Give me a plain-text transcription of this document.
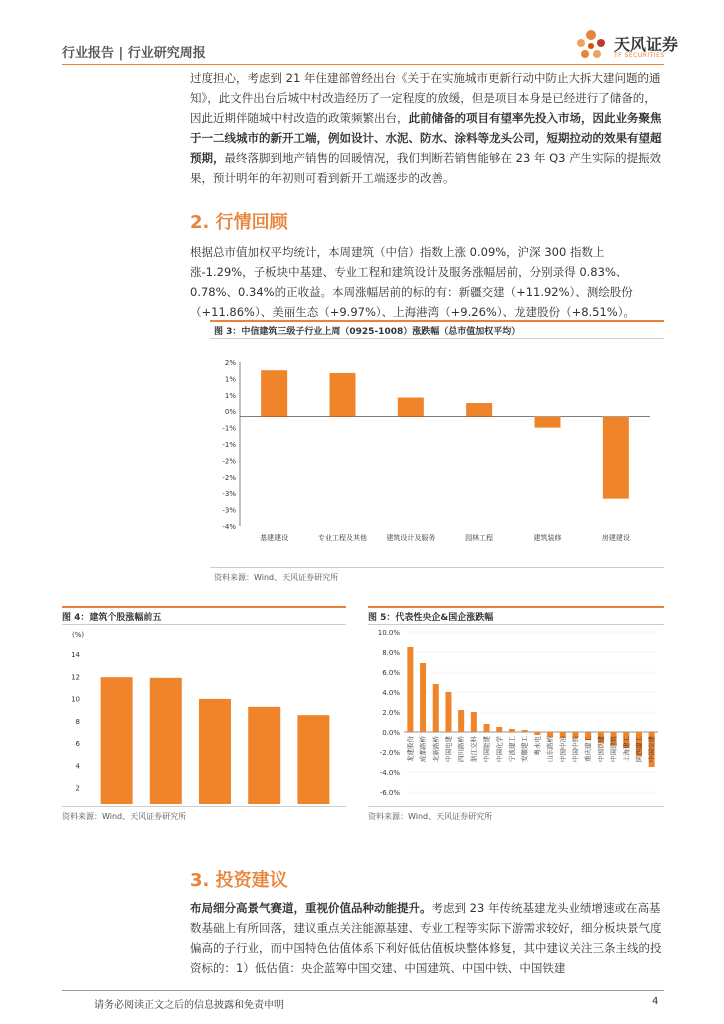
行业报告 | 行业研究周报	天风证券
TF SECURITIES
过度担心，考虑到 21 年住建部曾经出台《关于在实施城市更新行动中防止大拆大建问题的通知》，此文件出台后城中村改造经历了一定程度的放缓，但是项目本身是已经进行了储备的，因此近期伴随城中村改造的政策频繁出台，此前储备的项目有望率先投入市场，因此业务聚焦于一二线城市的新开工端，例如设计、水泥、防水、涂料等龙头公司，短期拉动的效果有望超预期，最终落脚到地产销售的回暖情况，我们判断若销售能够在 23 年 Q3 产生实际的提振效果，预计明年的年初则可看到新开工端逐步的改善。
2. 行情回顾
根据总市值加权平均统计，本周建筑（中信）指数上涨 0.09%，沪深 300 指数上涨-1.29%，子板块中基建、专业工程和建筑设计及服务涨幅居前，分别录得 0.83%、0.78%、0.34%的正收益。本周涨幅居前的标的有：新疆交建（+11.92%）、测绘股份（+11.86%）、美丽生态（+9.97%）、上海港湾（+9.26%）、龙建股份（+8.51%）。
图 3：中信建筑三级子行业上周（0925-1008）涨跌幅（总市值加权平均）
2%
1%
1%
0%
-1%
-1%
-2%
-2%
-3%
-3%
-4%
基建建设	专业工程及其他	建筑设计及服务	园林工程	建筑装修	房建建设
资料来源：Wind、天风证券研究所
图 4：建筑个股涨幅前五
(%)
2
4
6
8
10
12
14
资料来源：Wind、天风证券研究所
图 5：代表性央企&国企涨跌幅
10.0%
8.0%
6.0%
4.0%
2.0%
0.0%
-2.0%
-4.0%
-6.0%
龙建股份 成都路桥 北新路桥 中国电建 四川路桥 浙江交科 中国能建 中国化学 宁波建工 安徽建工 粤水电 山东路桥 中国中冶 中国中铁 重庆建工 中国铁建 中国建筑 上海建工 陕西建工 中国交建
资料来源：Wind、天风证券研究所
3. 投资建议
布局细分高景气赛道，重视价值品种动能提升。考虑到 23 年传统基建龙头业绩增速或在高基数基础上有所回落，建议重点关注能源基建、专业工程等实际下游需求较好，细分板块景气度偏高的子行业，而中国特色估值体系下利好低估值板块整体修复，其中建议关注三条主线的投资标的：1）低估值：央企蓝筹中国交建、中国建筑、中国中铁、中国铁建
请务必阅读正文之后的信息披露和免责申明	4
